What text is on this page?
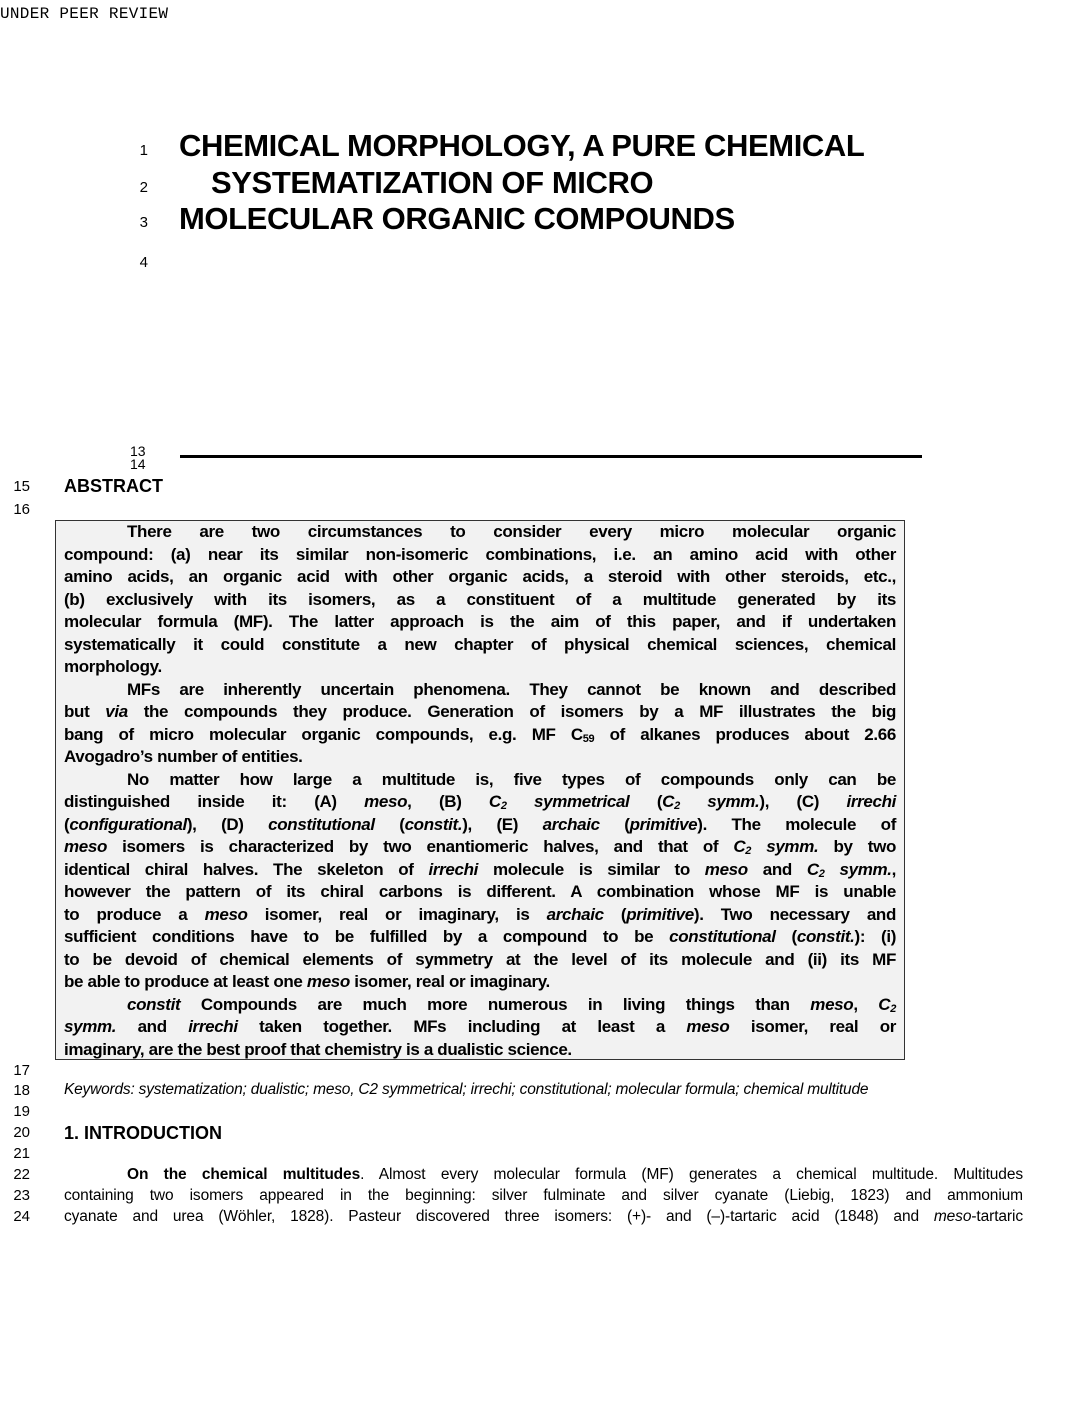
UNDER PEER REVIEW
1
2
3
4
13
14
15
16
17
18
19
20
21
22
23
24
CHEMICAL MORPHOLOGY, A PURE CHEMICAL
SYSTEMATIZATION OF MICRO
MOLECULAR ORGANIC COMPOUNDS
ABSTRACT
There are two circumstances to consider every micro molecular organic
compound: (a) near its similar non-isomeric combinations, i.e. an amino acid with other
amino acids, an organic acid with other organic acids, a steroid with other steroids, etc.,
(b) exclusively with its isomers, as a constituent of a multitude generated by its
molecular formula (MF). The latter approach is the aim of this paper, and if undertaken
systematically it could constitute a new chapter of physical chemical sciences, chemical
morphology.
MFs are inherently uncertain phenomena. They cannot be known and described
but via the compounds they produce. Generation of isomers by a MF illustrates the big
bang of micro molecular organic compounds, e.g. MF C59 of alkanes produces about 2.66
Avogadro’s number of entities.
No matter how large a multitude is, five types of compounds only can be
distinguished inside it: (A) meso, (B) C2 symmetrical (C2 symm.), (C) irrechi
(configurational), (D) constitutional (constit.), (E) archaic (primitive). The molecule of
meso isomers is characterized by two enantiomeric halves, and that of C2 symm. by two
identical chiral halves. The skeleton of irrechi molecule is similar to meso and C2 symm.,
however the pattern of its chiral carbons is different. A combination whose MF is unable
to produce a meso isomer, real or imaginary, is archaic (primitive). Two necessary and
sufficient conditions have to be fulfilled by a compound to be constitutional (constit.): (i)
to be devoid of chemical elements of symmetry at the level of its molecule and (ii) its MF
be able to produce at least one meso isomer, real or imaginary.
constit Compounds are much more numerous in living things than meso, C2
symm. and irrechi taken together. MFs including at least a meso isomer, real or
imaginary, are the best proof that chemistry is a dualistic science.
Keywords: systematization; dualistic; meso, C2 symmetrical; irrechi; constitutional; molecular formula; chemical multitude
1. INTRODUCTION
On the chemical multitudes. Almost every molecular formula (MF) generates a chemical multitude. Multitudes
containing two isomers appeared in the beginning: silver fulminate and silver cyanate (Liebig, 1823) and ammonium
cyanate and urea (Wöhler, 1828). Pasteur discovered three isomers: (+)- and (–)-tartaric acid (1848) and meso-tartaric
